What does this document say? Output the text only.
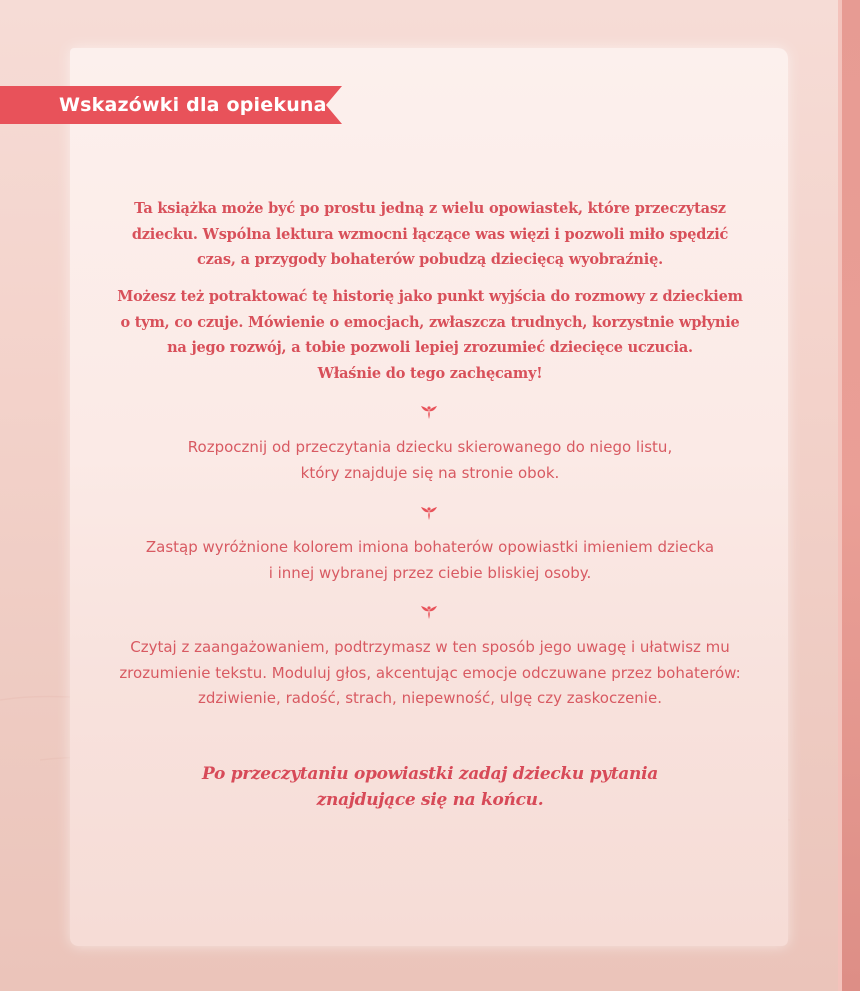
Wskazówki dla opiekuna

Ta książka może być po prostu jedną z wielu opowiastek, które przeczytasz

dziecku. Wspólna lektura wzmocni łączące was więzi i pozwoli miło spędzić

czas, a przygody bohaterów pobudzą dziecięcą wyobraźnię.

Możesz też potraktować tę historię jako punkt wyjścia do rozmowy z dzieckiem

o tym, co czuje. Mówienie o emocjach, zwłaszcza trudnych, korzystnie wpłynie

na jego rozwój, a tobie pozwoli lepiej zrozumieć dziecięce uczucia.

Właśnie do tego zachęcamy!

Rozpocznij od przeczytania dziecku skierowanego do niego listu,

który znajduje się na stronie obok.

Zastąp wyróżnione kolorem imiona bohaterów opowiastki imieniem dziecka

i innej wybranej przez ciebie bliskiej osoby.

Czytaj z zaangażowaniem, podtrzymasz w ten sposób jego uwagę i ułatwisz mu

zrozumienie tekstu. Moduluj głos, akcentując emocje odczuwane przez bohaterów:

zdziwienie, radość, strach, niepewność, ulgę czy zaskoczenie.

Po przeczytaniu opowiastki zadaj dziecku pytania
znajdujące się na końcu.
